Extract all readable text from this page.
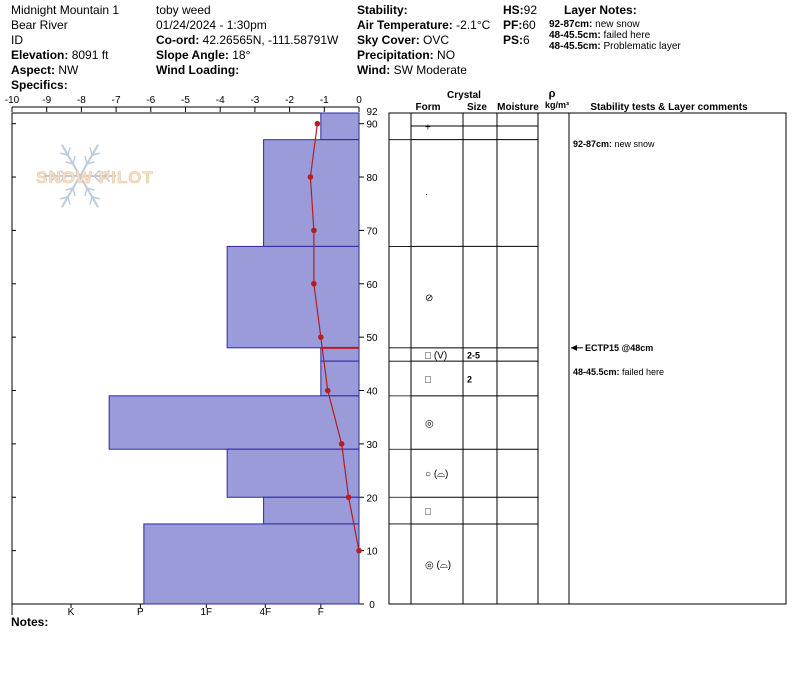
Midnight Mountain 1
Bear River
ID
Elevation: 8091 ft
Aspect: NW
Specifics:
toby weed
01/24/2024 - 1:30pm
Co-ord: 42.26565N, -111.58791W
Slope Angle: 18°
Wind Loading:
Stability:
Air Temperature: -2.1°C
Sky Cover: OVC
Precipitation: NO
Wind: SW Moderate
HS:92
PF:60
PS:6
Layer Notes:
92-87cm: new snow
48-45.5cm: failed here
48-45.5cm: Problematic layer
Notes:
SNOW PILOT
-10 -9	-8	-7	-6	-5	-4	-3	-2	-1	0
0
10
20
30
40
50
60
70
80
90
92
I	K	P	1F	4F	F
Crystal
Form	Size Moisture
ρ
kg/m³ Stability tests & Layer comments
+
92-87cm: new snow
·
⊘
□ (V) 2-5
48-45.5cm: failed here
□	2
◎
○ (⌓)
□
◎ (⌓)
ECTP15 @48cm
